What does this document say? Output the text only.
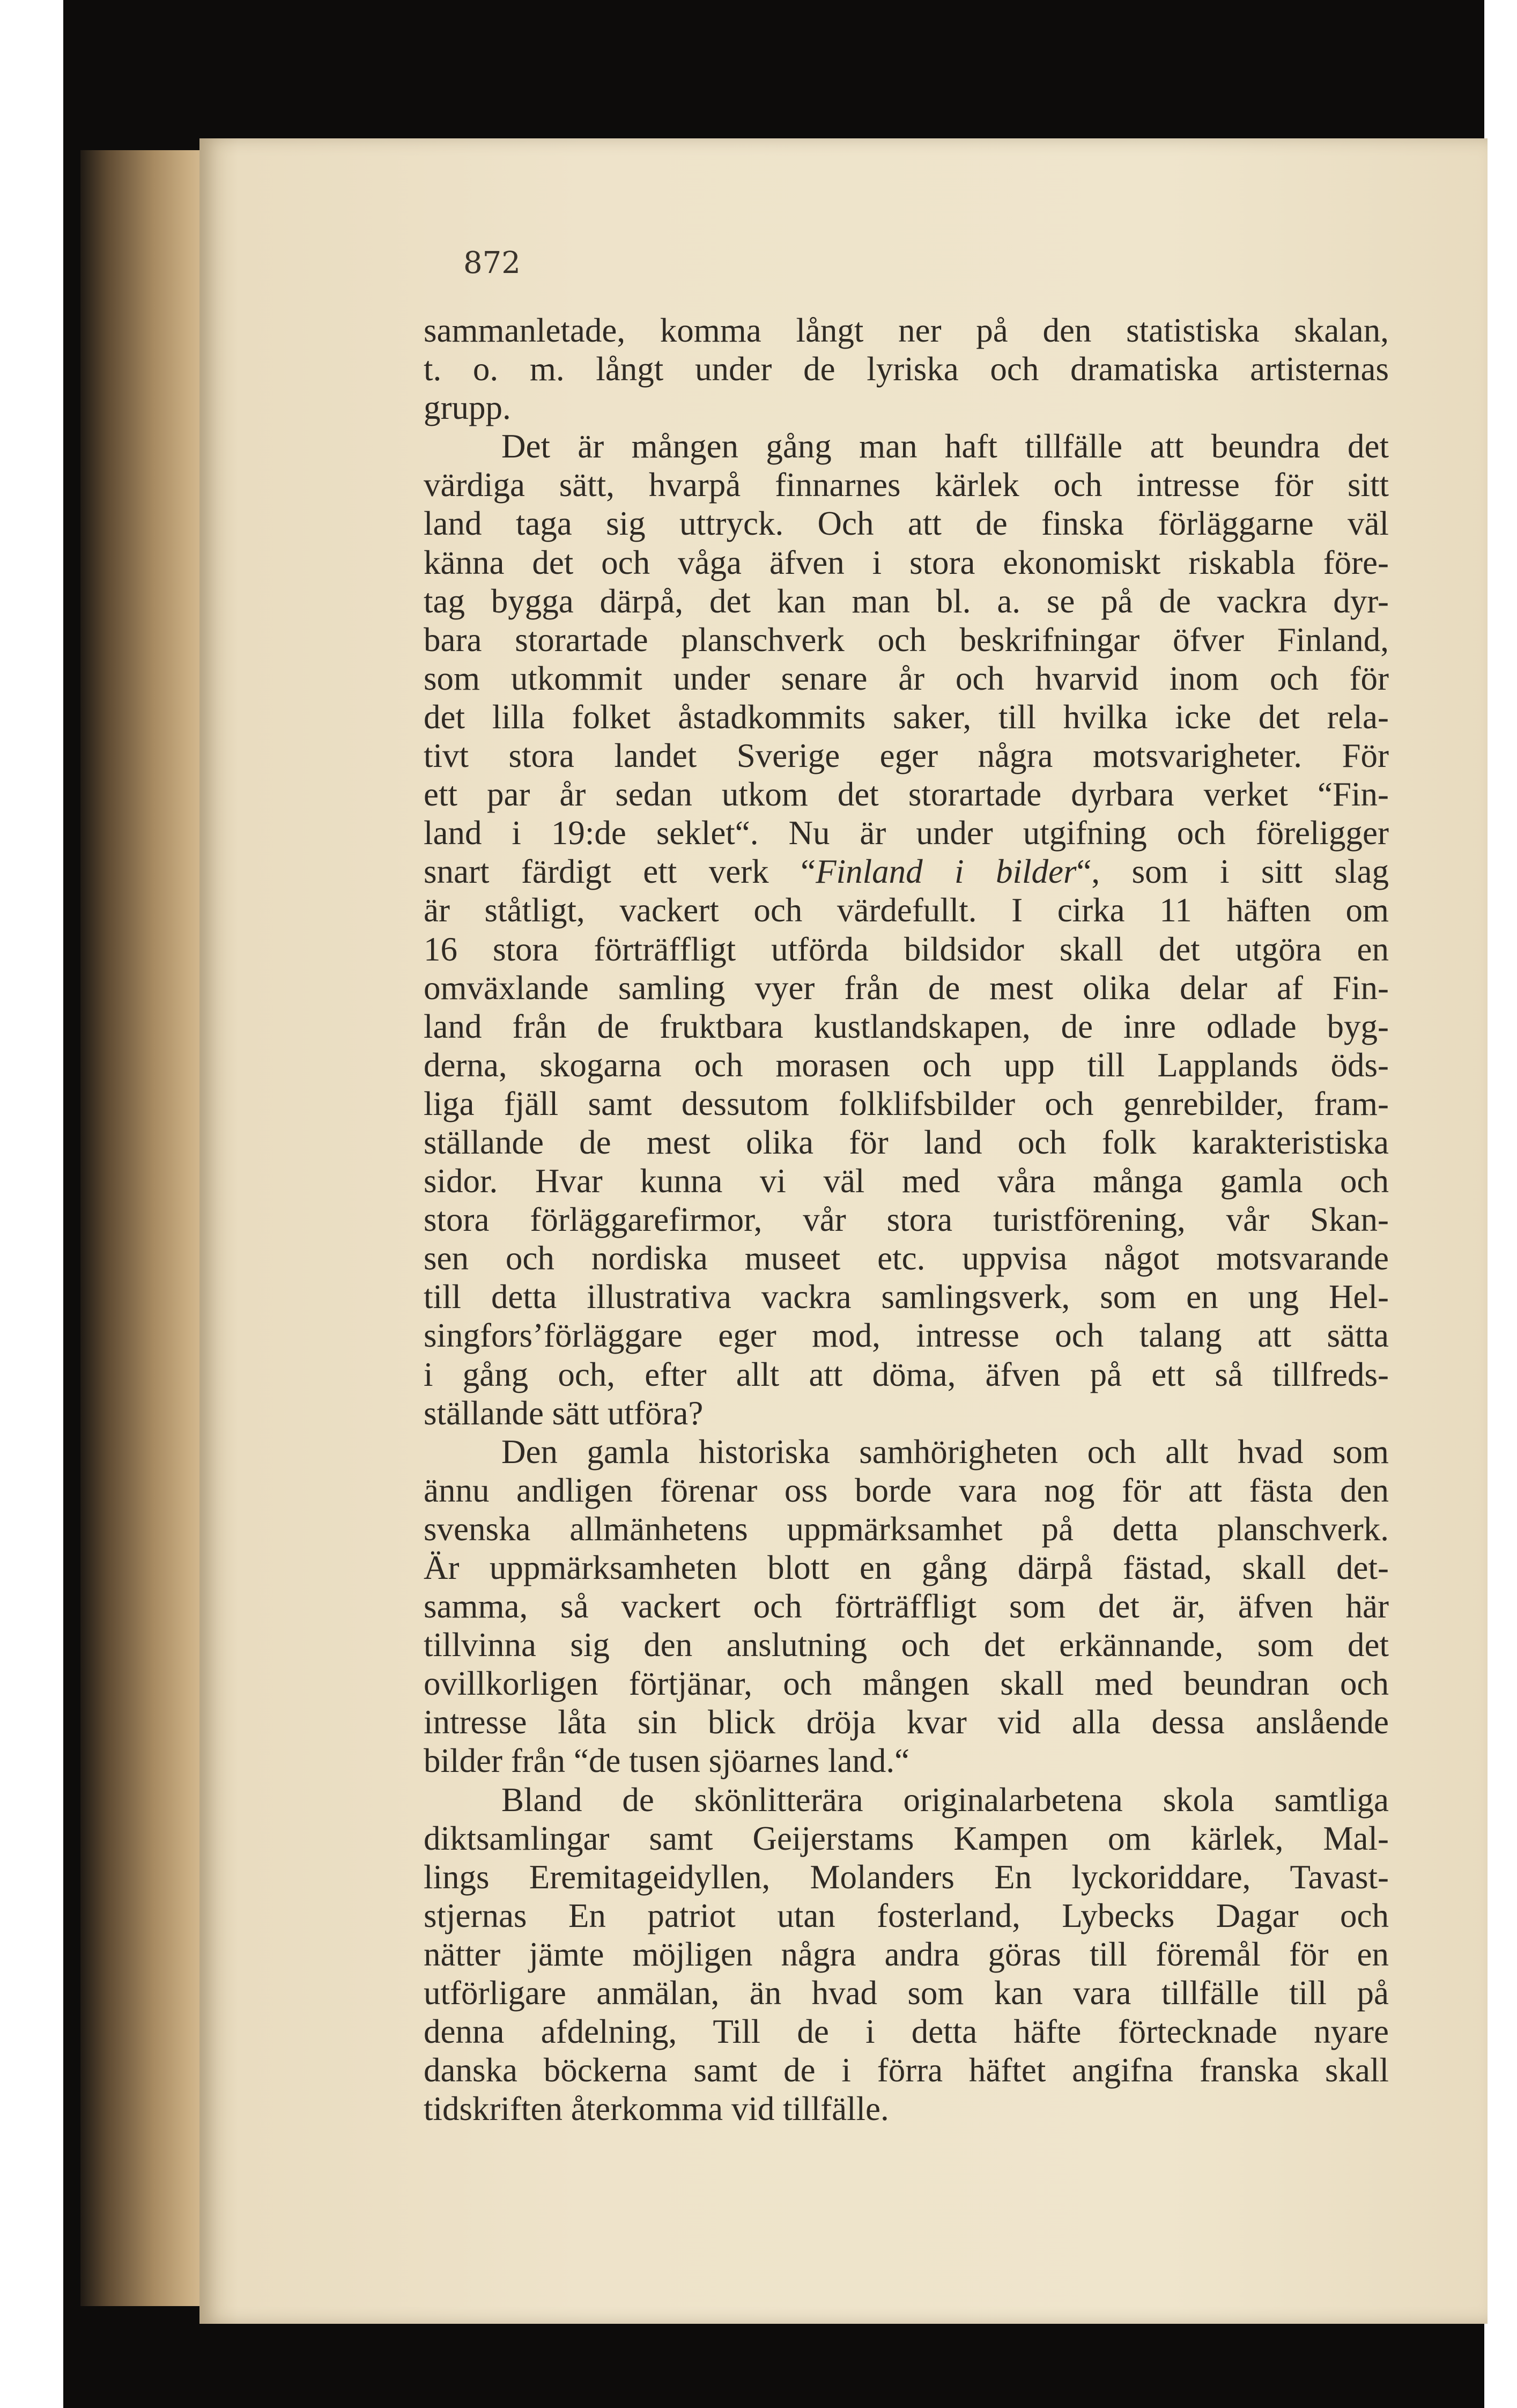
872
sammanletade, komma långt ner på den statistiska skalan,
t. o. m. långt under de lyriska och dramatiska artisternas
grupp.
Det är mången gång man haft tillfälle att beundra det
värdiga sätt, hvarpå finnarnes kärlek och intresse för sitt
land taga sig uttryck. Och att de finska förläggarne väl
känna det och våga äfven i stora ekonomiskt riskabla före-
tag bygga därpå, det kan man bl. a. se på de vackra dyr-
bara storartade planschverk och beskrifningar öfver Finland,
som utkommit under senare år och hvarvid inom och för
det lilla folket åstadkommits saker, till hvilka icke det rela-
tivt stora landet Sverige eger några motsvarigheter. För
ett par år sedan utkom det storartade dyrbara verket “Fin-
land i 19:de seklet“. Nu är under utgifning och föreligger
snart färdigt ett verk “Finland i bilder“, som i sitt slag
är ståtligt, vackert och värdefullt. I cirka 11 häften om
16 stora förträffligt utförda bildsidor skall det utgöra en
omväxlande samling vyer från de mest olika delar af Fin-
land från de fruktbara kustlandskapen, de inre odlade byg-
derna, skogarna och morasen och upp till Lapplands öds-
liga fjäll samt dessutom folklifsbilder och genrebilder, fram-
ställande de mest olika för land och folk karakteristiska
sidor. Hvar kunna vi väl med våra många gamla och
stora förläggarefirmor, vår stora turistförening, vår Skan-
sen och nordiska museet etc. uppvisa något motsvarande
till detta illustrativa vackra samlingsverk, som en ung Hel-
singfors’förläggare eger mod, intresse och talang att sätta
i gång och, efter allt att döma, äfven på ett så tillfreds-
ställande sätt utföra?
Den gamla historiska samhörigheten och allt hvad som
ännu andligen förenar oss borde vara nog för att fästa den
svenska allmänhetens uppmärksamhet på detta planschverk.
Är uppmärksamheten blott en gång därpå fästad, skall det-
samma, så vackert och förträffligt som det är, äfven här
tillvinna sig den anslutning och det erkännande, som det
ovillkorligen förtjänar, och mången skall med beundran och
intresse låta sin blick dröja kvar vid alla dessa anslående
bilder från “de tusen sjöarnes land.“
Bland de skönlitterära originalarbetena skola samtliga
diktsamlingar samt Geijerstams Kampen om kärlek, Mal-
lings Eremitageidyllen, Molanders En lyckoriddare, Tavast-
stjernas En patriot utan fosterland, Lybecks Dagar och
nätter jämte möjligen några andra göras till föremål för en
utförligare anmälan, än hvad som kan vara tillfälle till på
denna afdelning, Till de i detta häfte förtecknade nyare
danska böckerna samt de i förra häftet angifna franska skall
tidskriften återkomma vid tillfälle.
